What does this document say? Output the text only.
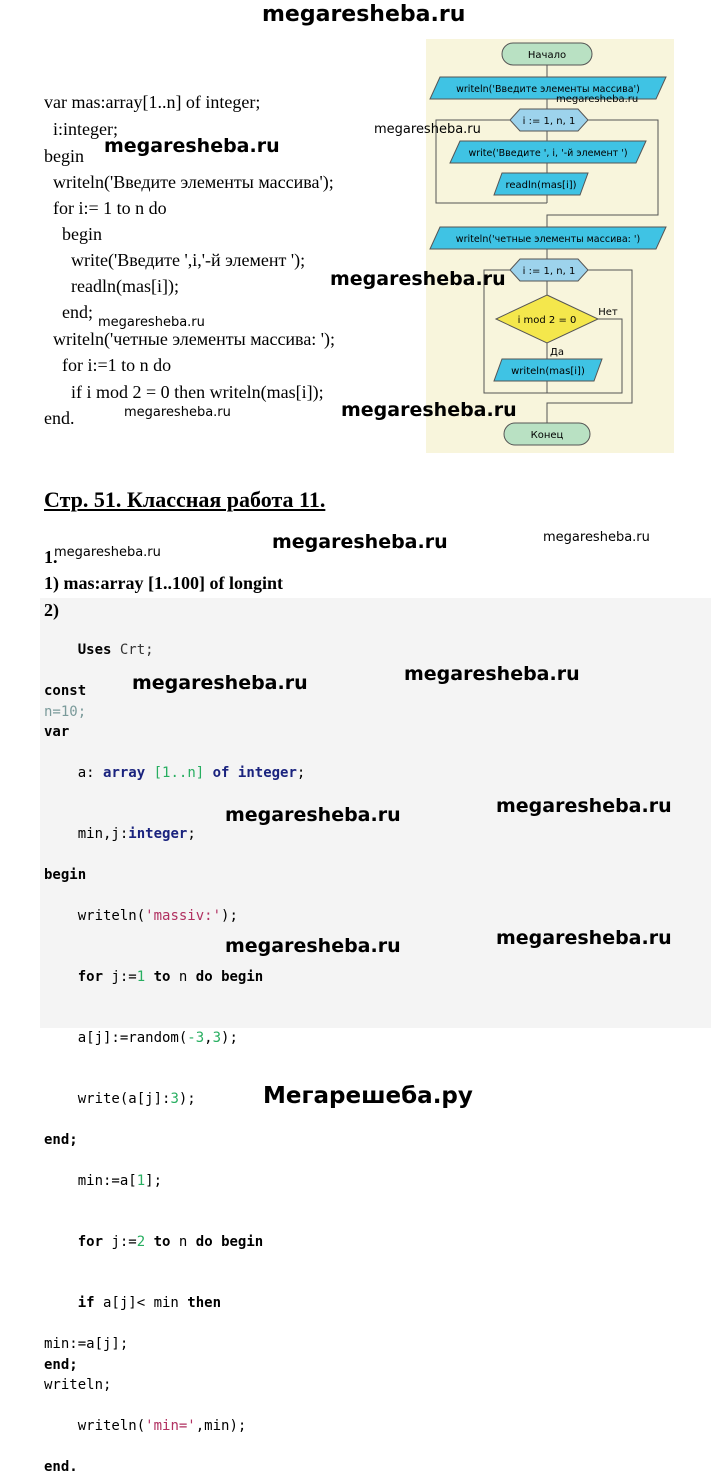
megaresheba.ru
var mas:array[1..n] of integer;
i:integer;
begin
writeln('Введите элементы массива');
for i:= 1 to n do
begin
write('Введите ',i,'-й элемент ');
readln(mas[i]);
end;
writeln('четные элементы массива: ');
for i:=1 to n do
if i mod 2 = 0 then writeln(mas[i]);
end.
Начало
writeln('Введите элементы массива')
i := 1, n, 1
write('Введите ', i, '-й элемент ')
readln(mas[i])
writeln('четные элементы массива: ')
i := 1, n, 1
i mod 2 = 0
Нет
Да
writeln(mas[i])
Конец
megaresheba.ru
megaresheba.ru
megaresheba.ru
megaresheba.ru
megaresheba.ru
megaresheba.ru	megaresheba.ru
Стр. 51. Классная работа 11.
1.
megaresheba.ru	megaresheba.ru	megaresheba.ru
1) mas:array [1..100] of longint
2)

Uses Crt;

const
n=10;
var

a: array [1..n] of integer;

min,j:integer;

begin

writeln('massiv:');

for j:=1 to n do begin

a[j]:=random(-3,3);

write(a[j]:3);

end;

min:=a[1];

for j:=2 to n do begin

if a[j]< min then

min:=a[j];
end;
writeln;

writeln('min=',min);

end.
megaresheba.ru	megaresheba.ru
megaresheba.ru
megaresheba.ru
megaresheba.ru	megaresheba.ru
Мегарешеба.ру
